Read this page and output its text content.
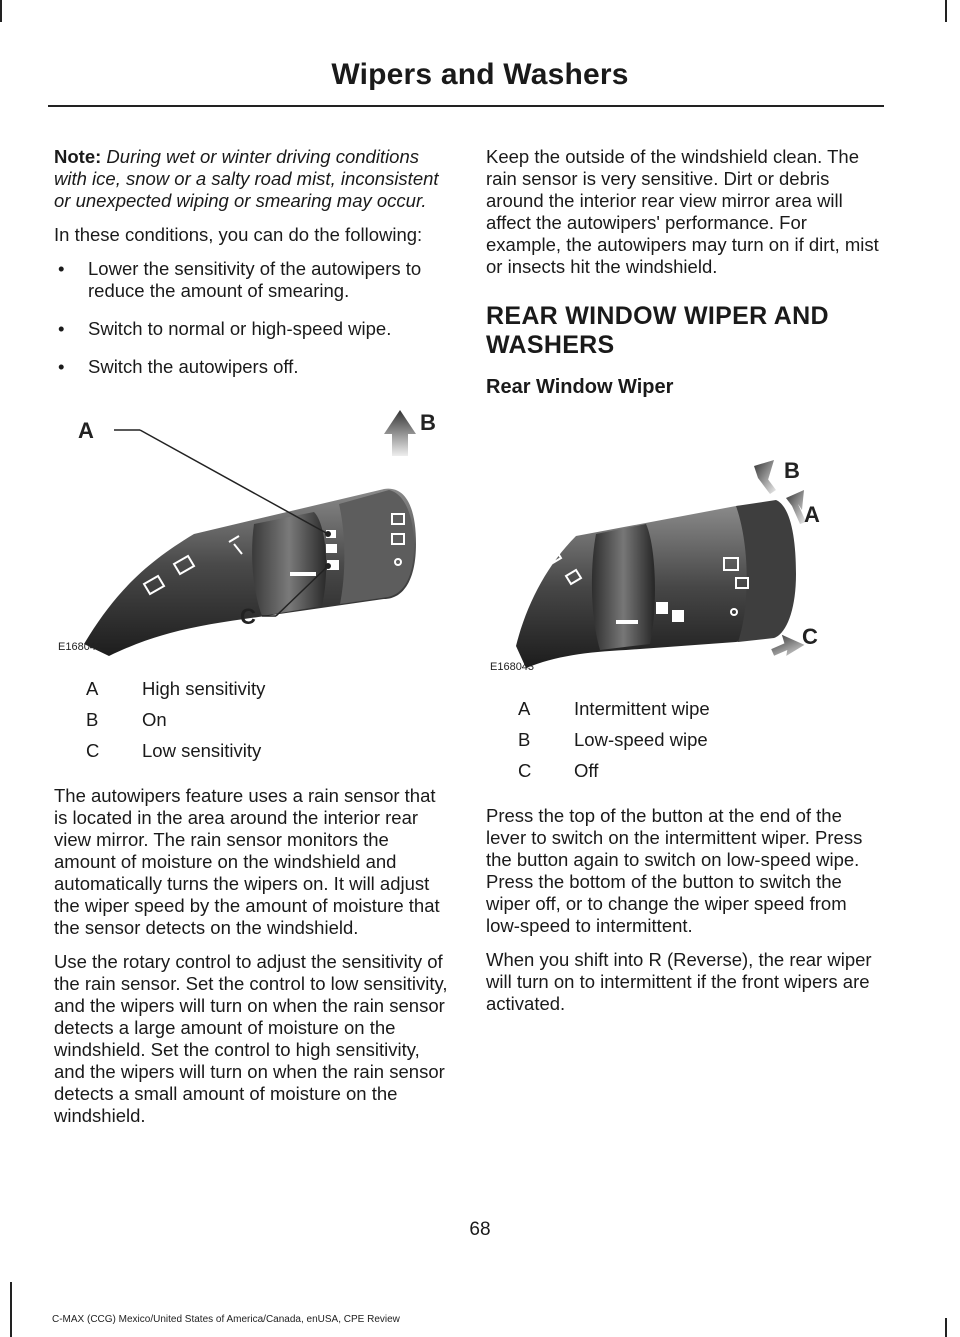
Wipers and Washers

Note: During wet or winter driving conditions with ice, snow or a salty road mist, inconsistent or unexpected wiping or smearing may occur.

In these conditions, you can do the following:

• Lower the sensitivity of the autowipers to reduce the amount of smearing.
• Switch to normal or high-speed wipe.
• Switch the autowipers off.
A	B
C
E168041
A	High sensitivity
B	On
C	Low sensitivity

The autowipers feature uses a rain sensor that is located in the area around the interior rear view mirror. The rain sensor monitors the amount of moisture on the windshield and automatically turns the wipers on. It will adjust the wiper speed by the amount of moisture that the sensor detects on the windshield.

Use the rotary control to adjust the sensitivity of the rain sensor. Set the control to low sensitivity, and the wipers will turn on when the rain sensor detects a large amount of moisture on the windshield. Set the control to high sensitivity, and the wipers will turn on when the rain sensor detects a small amount of moisture on the windshield.

Keep the outside of the windshield clean. The rain sensor is very sensitive. Dirt or debris around the interior rear view mirror area will affect the autowipers' performance. For example, the autowipers may turn on if dirt, mist or insects hit the windshield.

REAR WINDOW WIPER AND
WASHERS
Rear Window Wiper
B
A
C
E168043
A	Intermittent wipe
B	Low-speed wipe
C	Off

Press the top of the button at the end of the lever to switch on the intermittent wiper. Press the button again to switch on low-speed wipe. Press the bottom of the button to switch the wiper off, or to change the wiper speed from low-speed to intermittent.

When you shift into R (Reverse), the rear wiper will turn on to intermittent if the front wipers are activated.

68
C-MAX (CCG) Mexico/United States of America/Canada, enUSA, CPE Review
